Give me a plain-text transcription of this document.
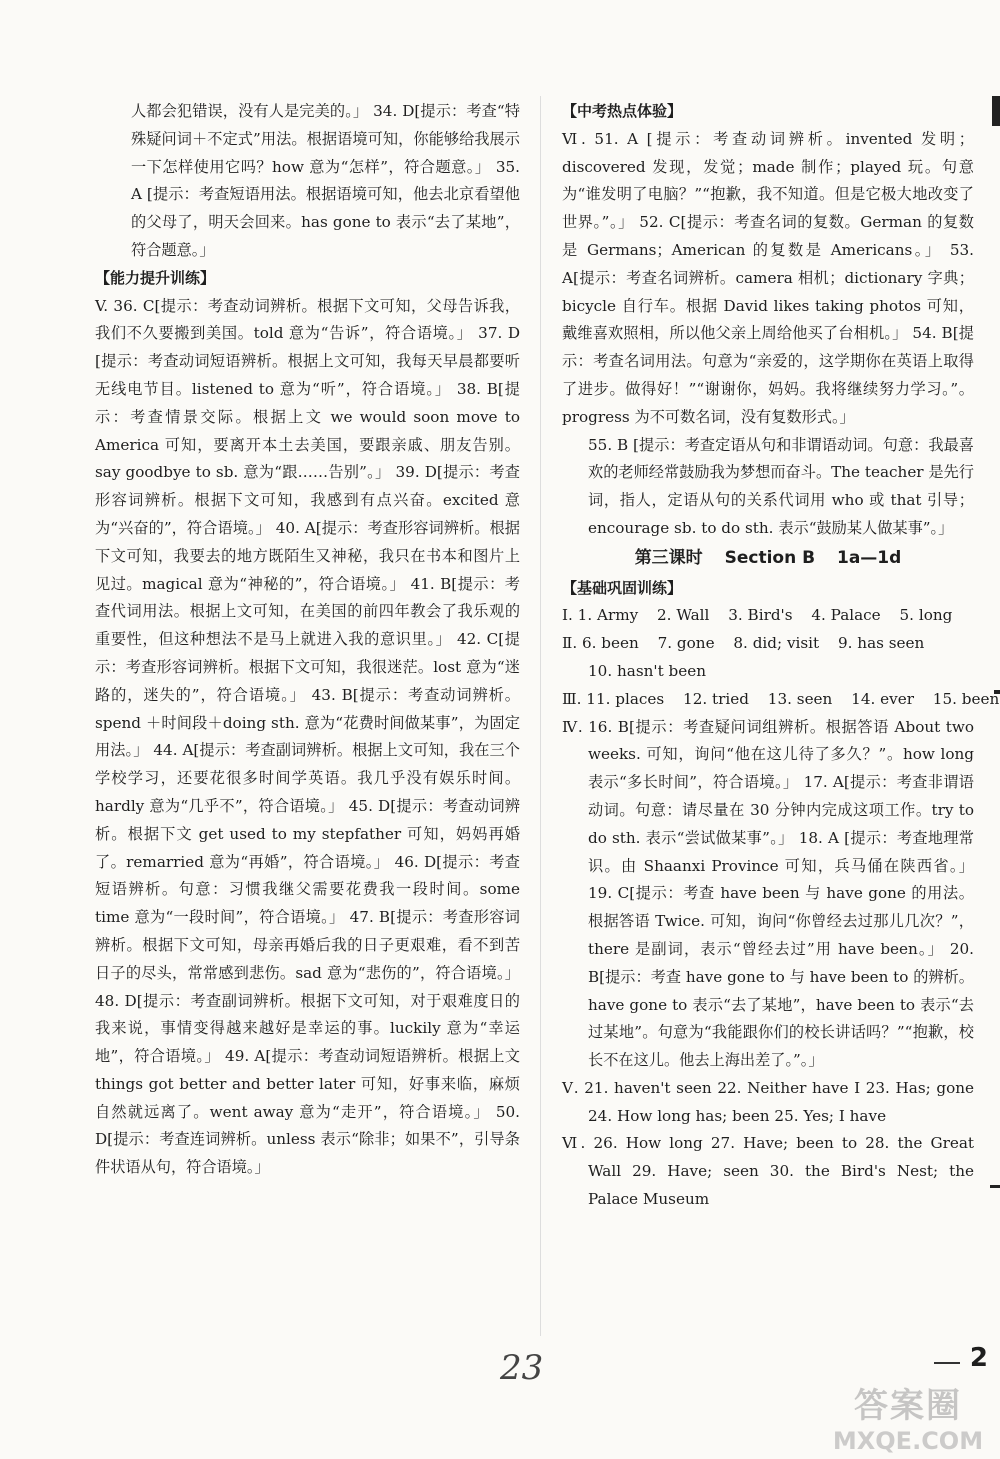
人都会犯错误，没有人是完美的。」 34. D[提示：考查“特殊疑问词＋不定式”用法。根据语境可知，你能够给我展示一下怎样使用它吗？how 意为“怎样”，符合题意。」 35. A [提示：考查短语用法。根据语境可知，他去北京看望他的父母了，明天会回来。has gone to 表示“去了某地”，符合题意。」

【能力提升训练】

V. 36. C[提示：考查动词辨析。根据下文可知，父母告诉我，我们不久要搬到美国。told 意为“告诉”，符合语境。」 37. D [提示：考查动词短语辨析。根据上文可知，我每天早晨都要听无线电节目。listened to 意为“听”，符合语境。」 38. B[提示：考查情景交际。根据上文 we would soon move to America 可知，要离开本土去美国，要跟亲戚、朋友告别。say goodbye to sb. 意为“跟……告别”。」 39. D[提示：考查形容词辨析。根据下文可知，我感到有点兴奋。excited 意为“兴奋的”，符合语境。」 40. A[提示：考查形容词辨析。根据下文可知，我要去的地方既陌生又神秘，我只在书本和图片上见过。magical 意为“神秘的”，符合语境。」 41. B[提示：考查代词用法。根据上文可知，在美国的前四年教会了我乐观的重要性，但这种想法不是马上就进入我的意识里。」 42. C[提示：考查形容词辨析。根据下文可知，我很迷茫。lost 意为“迷路的，迷失的”，符合语境。」 43. B[提示：考查动词辨析。spend ＋时间段＋doing sth. 意为“花费时间做某事”，为固定用法。」 44. A[提示：考查副词辨析。根据上文可知，我在三个学校学习，还要花很多时间学英语。我几乎没有娱乐时间。hardly 意为“几乎不”，符合语境。」 45. D[提示：考查动词辨析。根据下文 get used to my stepfather 可知，妈妈再婚了。remarried 意为“再婚”，符合语境。」 46. D[提示：考查短语辨析。句意：习惯我继父需要花费我一段时间。some time 意为“一段时间”，符合语境。」 47. B[提示：考查形容词辨析。根据下文可知，母亲再婚后我的日子更艰难，看不到苦日子的尽头，常常感到悲伤。sad 意为“悲伤的”，符合语境。」 48. D[提示：考查副词辨析。根据下文可知，对于艰难度日的我来说，事情变得越来越好是幸运的事。luckily 意为“幸运地”，符合语境。」 49. A[提示：考查动词短语辨析。根据上文 things got better and better later 可知，好事来临，麻烦自然就远离了。went away 意为“走开”，符合语境。」 50. D[提示：考查连词辨析。unless 表示“除非；如果不”，引导条件状语从句，符合语境。」

【中考热点体验】

Ⅵ. 51. A [提示：考查动词辨析。invented 发明；discovered 发现，发觉；made 制作；played 玩。句意为“谁发明了电脑？”“抱歉，我不知道。但是它极大地改变了世界。”。」 52. C[提示：考查名词的复数。German 的复数是 Germans；American 的复数是 Americans。」 53. A[提示：考查名词辨析。camera 相机；dictionary 字典；bicycle 自行车。根据 David likes taking photos 可知，戴维喜欢照相，所以他父亲上周给他买了台相机。」 54. B[提示：考查名词用法。句意为“亲爱的，这学期你在英语上取得了进步。做得好！”“谢谢你，妈妈。我将继续努力学习。”。progress 为不可数名词，没有复数形式。」

55. B [提示：考查定语从句和非谓语动词。句意：我最喜欢的老师经常鼓励我为梦想而奋斗。The teacher 是先行词，指人，定语从句的关系代词用 who 或 that 引导；encourage sb. to do sth. 表示“鼓励某人做某事”。」

第三课时 Section B 1a—1d

【基础巩固训练】

Ⅰ. 1. Army 2. Wall 3. Bird's 4. Palace 5. long

Ⅱ. 6. been 7. gone 8. did; visit 9. has seen

10. hasn't been

Ⅲ. 11. places 12. tried 13. seen 14. ever 15. been

Ⅳ. 16. B[提示：考查疑问词组辨析。根据答语 About two weeks. 可知，询问“他在这儿待了多久？”。how long 表示“多长时间”，符合语境。」 17. A[提示：考查非谓语动词。句意：请尽量在 30 分钟内完成这项工作。try to do sth. 表示“尝试做某事”。」 18. A [提示：考查地理常识。由 Shaanxi Province 可知，兵马俑在陕西省。」 19. C[提示：考查 have been 与 have gone 的用法。根据答语 Twice. 可知，询问“你曾经去过那儿几次？”，there 是副词，表示“曾经去过”用 have been。」 20. B[提示：考查 have gone to 与 have been to 的辨析。have gone to 表示“去了某地”，have been to 表示“去过某地”。句意为“我能跟你们的校长讲话吗？”“抱歉，校长不在这儿。他去上海出差了。”。」

Ⅴ. 21. haven't seen 22. Neither have I 23. Has; gone 24. How long has; been 25. Yes; I have

Ⅵ. 26. How long 27. Have; been to 28. the Great Wall 29. Have; seen 30. the Bird's Nest; the Palace Museum

23	2
答案圈
MXQE.COM
